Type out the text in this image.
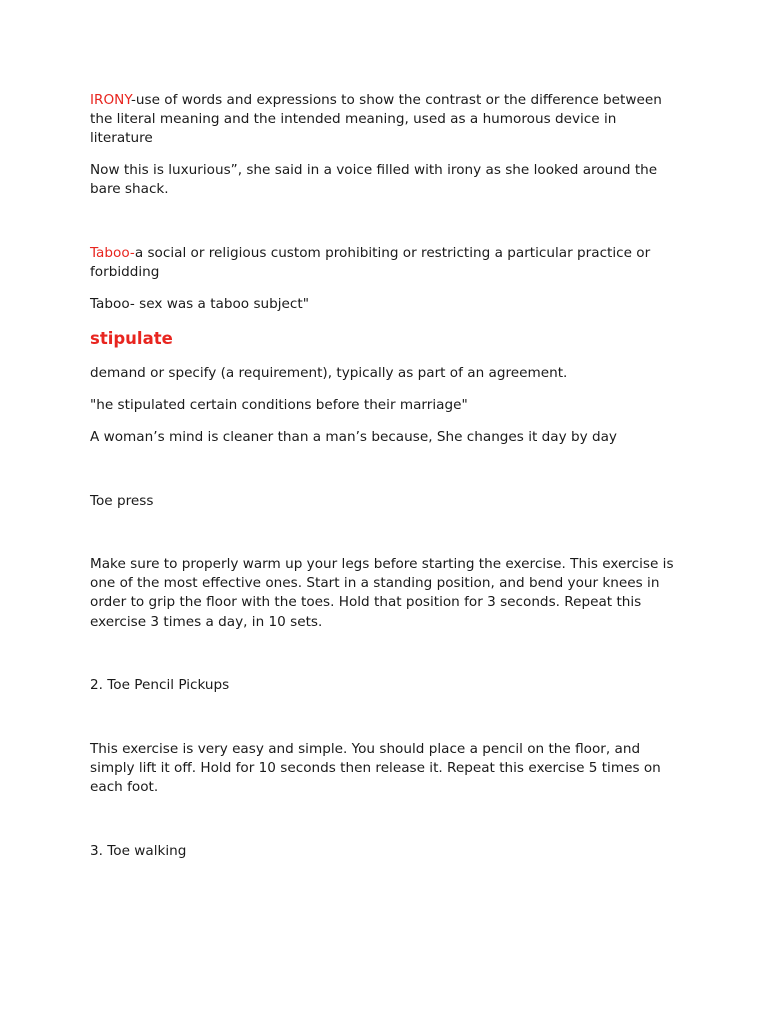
IRONY-use of words and expressions to show the contrast or the difference between the literal meaning and the intended meaning, used as a humorous device in literature

Now this is luxurious”, she said in a voice filled with irony as she looked around the bare shack.

Taboo-a social or religious custom prohibiting or restricting a particular practice or forbidding

Taboo- sex was a taboo subject"

stipulate

demand or specify (a requirement), typically as part of an agreement.

"he stipulated certain conditions before their marriage"

A woman’s mind is cleaner than a man’s because, She changes it day by day

Toe press

Make sure to properly warm up your legs before starting the exercise. This exercise is one of the most effective ones. Start in a standing position, and bend your knees in order to grip the floor with the toes. Hold that position for 3 seconds. Repeat this exercise 3 times a day, in 10 sets.

2. Toe Pencil Pickups

This exercise is very easy and simple. You should place a pencil on the floor, and simply lift it off. Hold for 10 seconds then release it. Repeat this exercise 5 times on each foot.

3. Toe walking
